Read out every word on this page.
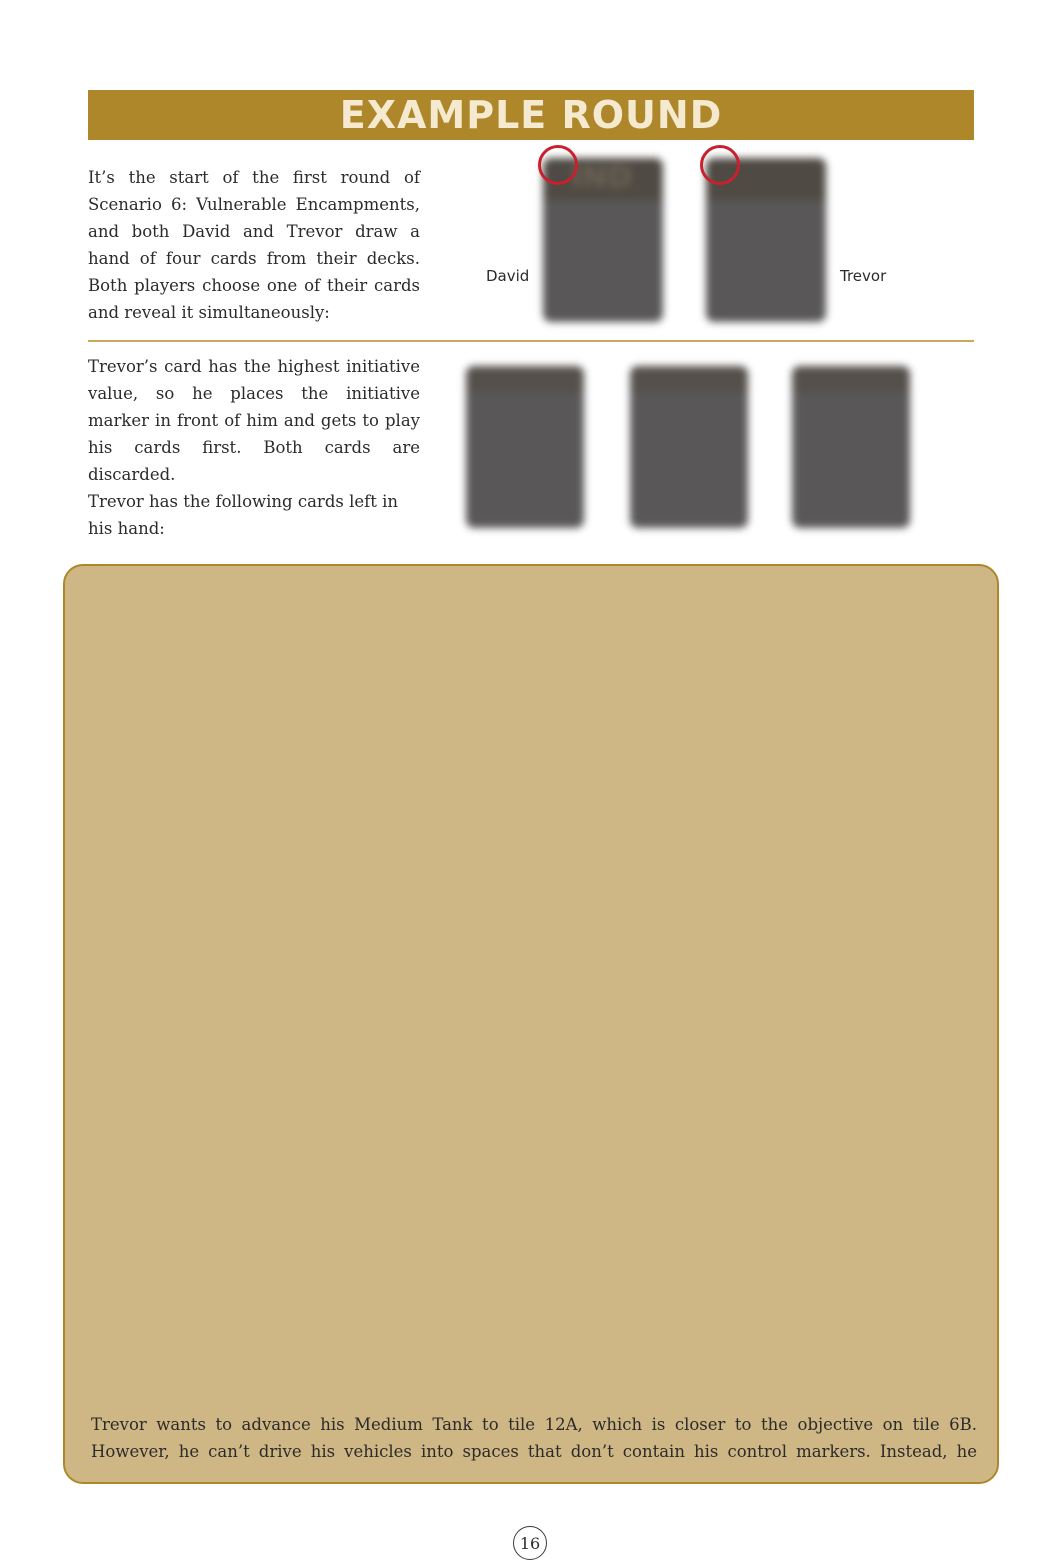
EXAMPLE ROUND

It’s the start of the first round of Scenario 6: Vulnerable Encampments, and both David and Trevor draw a hand of four cards from their decks. Both players choose one of their cards and reveal it simultaneously:

IND
David	Trevor

Trevor’s card has the highest initiative value, so he places the initiative marker in front of him and gets to play his cards first. Both cards are discarded.

Trevor has the following cards left in his hand:

Trevor wants to advance his Medium Tank to tile 12A, which is closer to the objective on tile 6B. However, he can’t drive his vehicles into spaces that don’t contain his control markers. Instead, he

16
